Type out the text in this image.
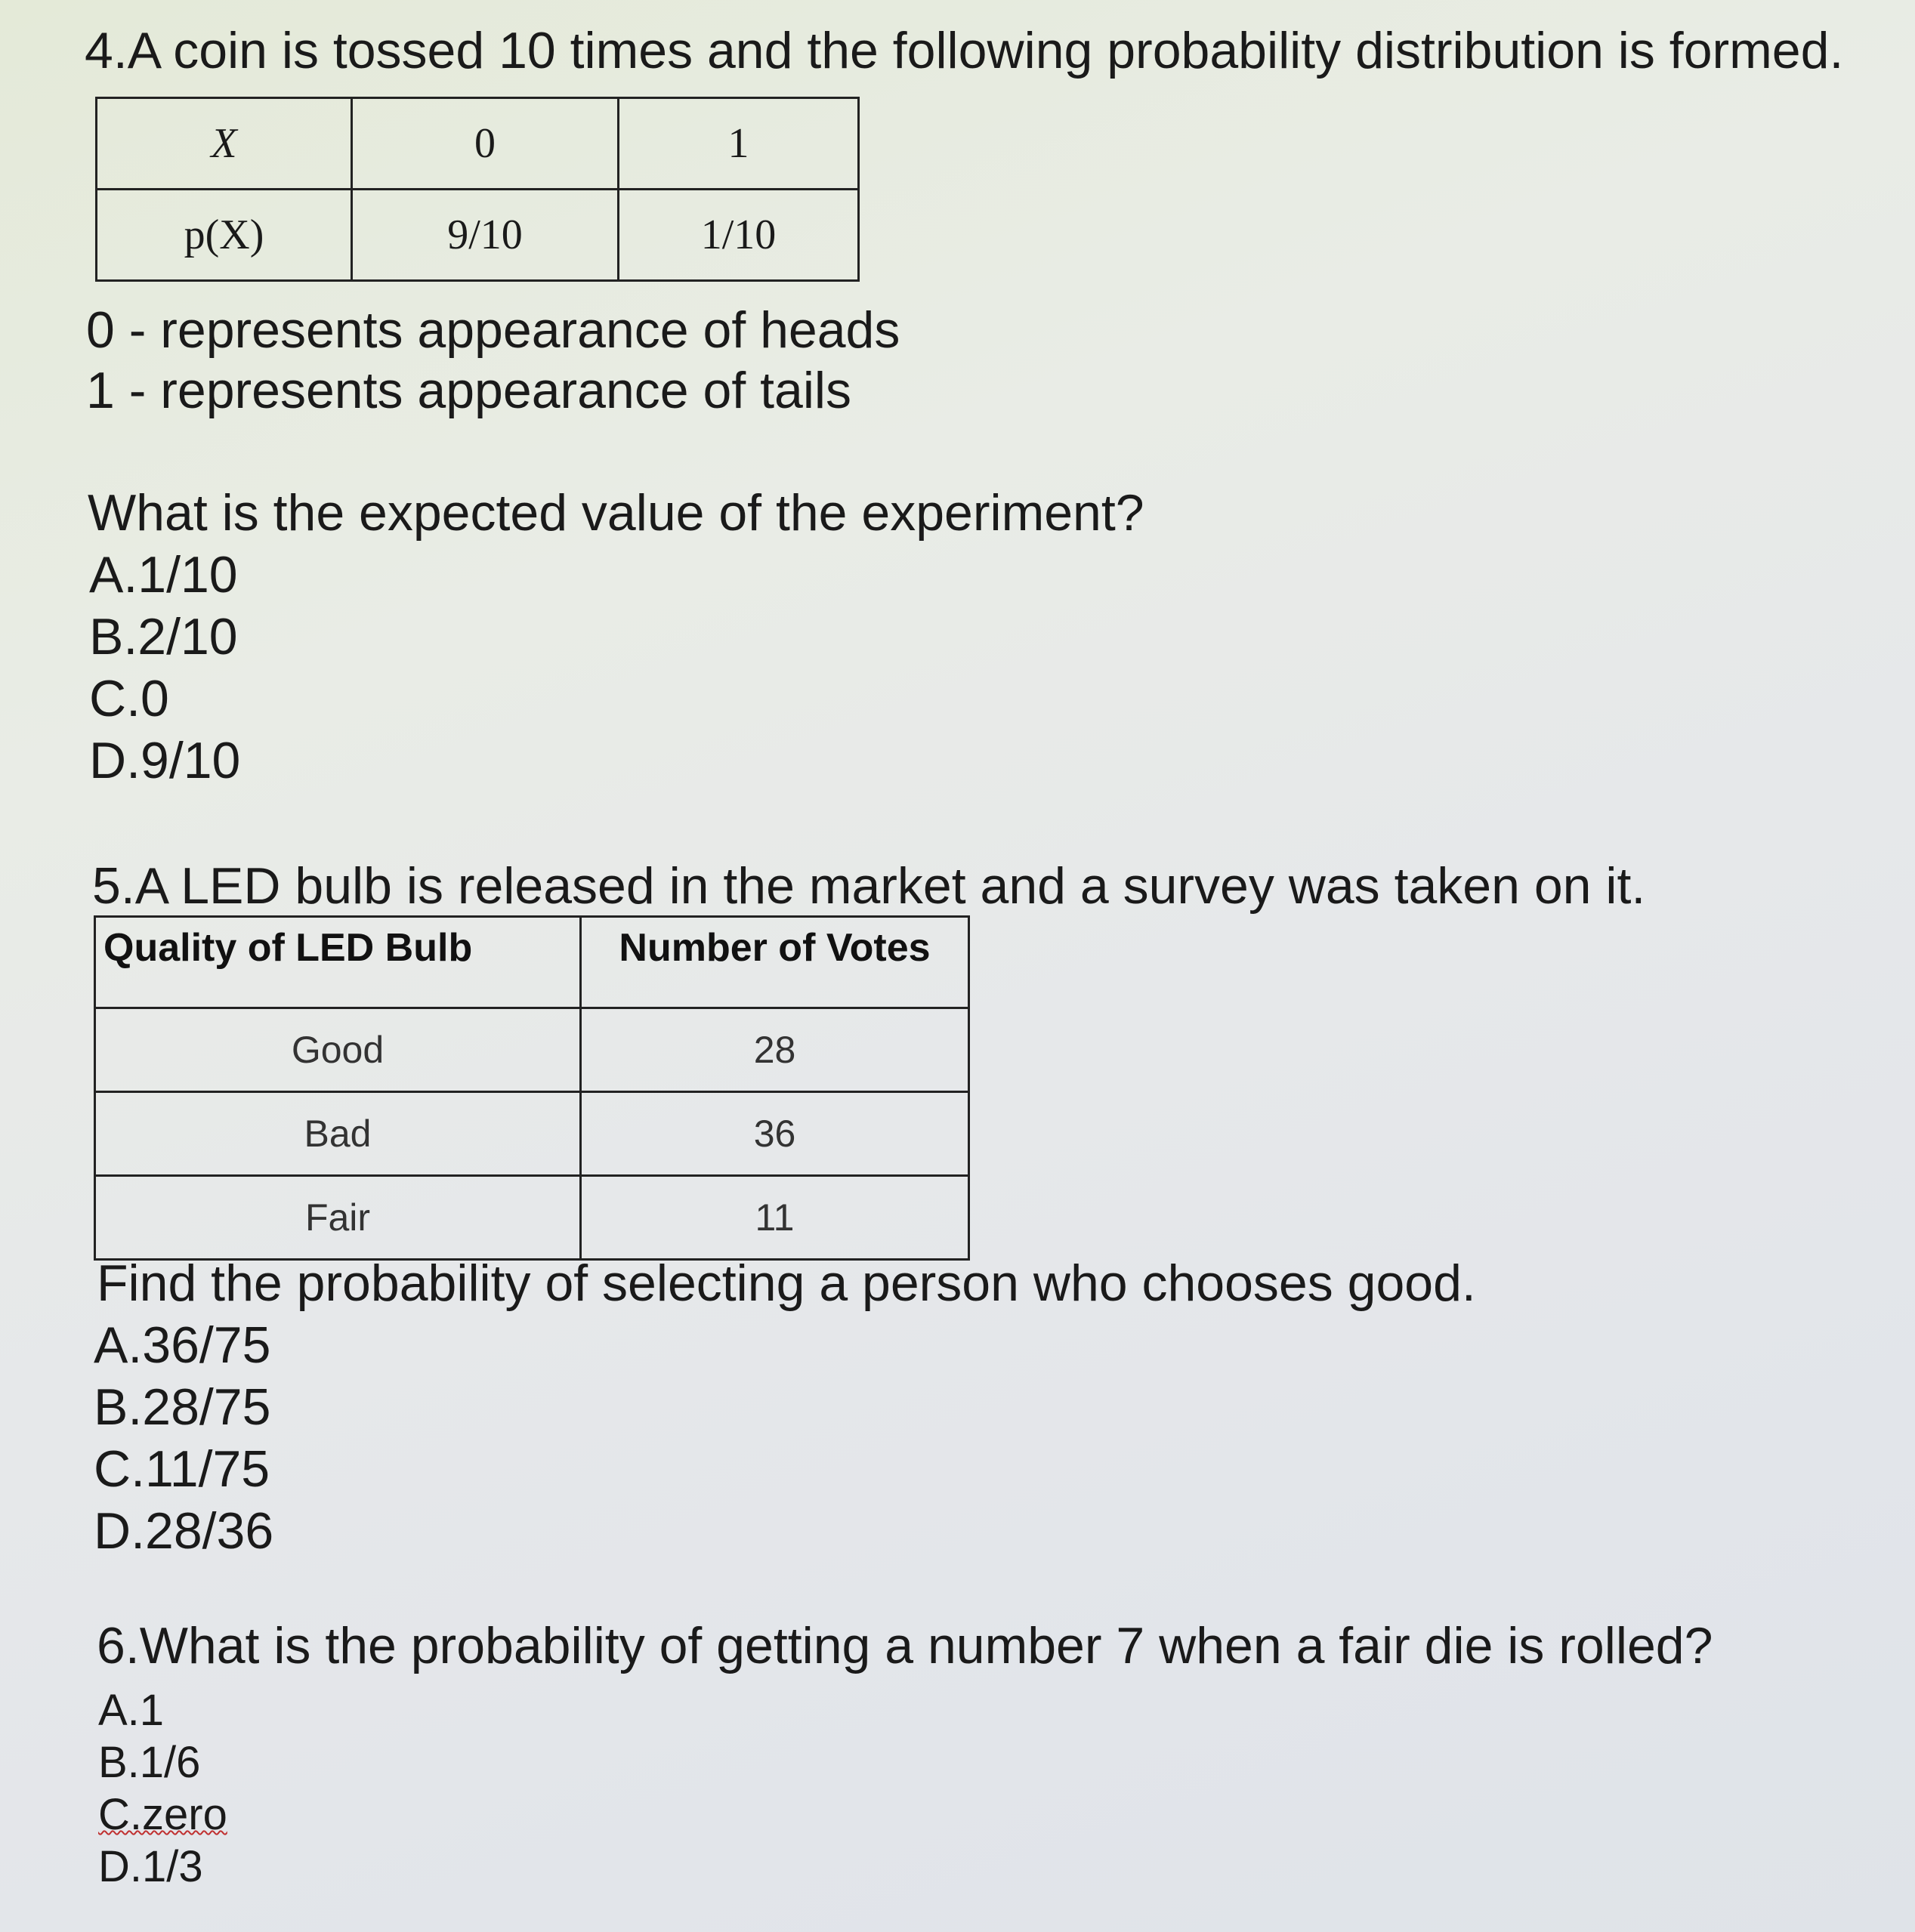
4.A coin is tossed 10 times and the following probability distribution is formed.
X	0	1
p(X)	9/10	1/10
0 - represents appearance of heads
1 - represents appearance of tails
What is the expected value of the experiment?
A.1/10
B.2/10
C.0
D.9/10
5.A LED bulb is released in the market and a survey was taken on it.
Quality of LED Bulb	Number of Votes
Good	28
Bad	36
Fair	11
Find the probability of selecting a person who chooses good.
A.36/75
B.28/75
C.11/75
D.28/36
6.What is the probability of getting a number 7 when a fair die is rolled?
A.1
B.1/6
C.zero
D.1/3
